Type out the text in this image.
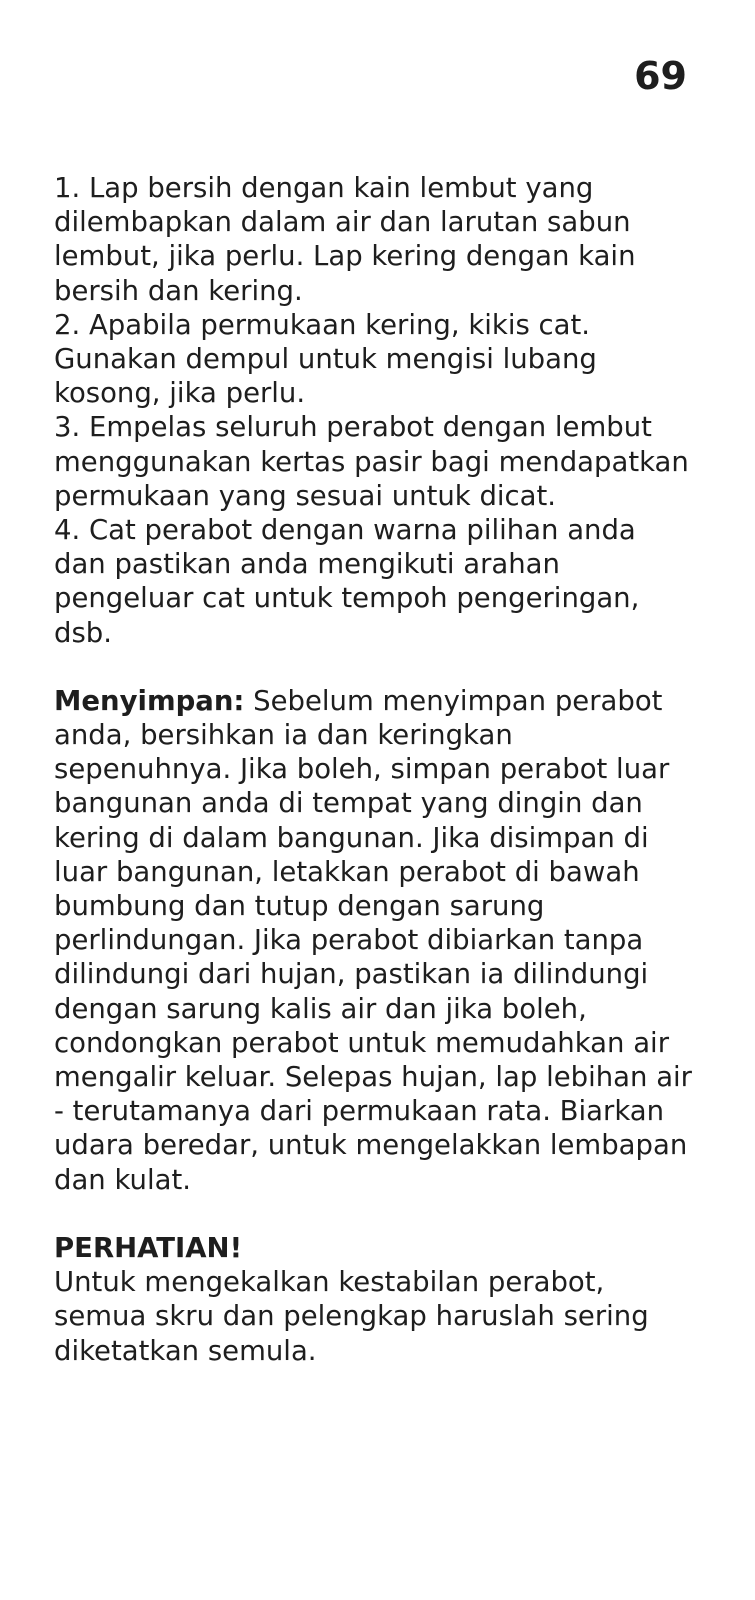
69

1. Lap bersih dengan kain lembut yang dilembapkan dalam air dan larutan sabun lembut, jika perlu. Lap kering dengan kain bersih dan kering.

2. Apabila permukaan kering, kikis cat. Gunakan dempul untuk mengisi lubang kosong, jika perlu.

3. Empelas seluruh perabot dengan lembut menggunakan kertas pasir bagi mendapatkan permukaan yang sesuai untuk dicat.

4. Cat perabot dengan warna pilihan anda dan pastikan anda mengikuti arahan pengeluar cat untuk tempoh pengeringan, dsb.

Menyimpan: Sebelum menyimpan perabot anda, bersihkan ia dan keringkan sepenuhnya. Jika boleh, simpan perabot luar bangunan anda di tempat yang dingin dan kering di dalam bangunan. Jika disimpan di luar bangunan, letakkan perabot di bawah bumbung dan tutup dengan sarung perlindungan. Jika perabot dibiarkan tanpa dilindungi dari hujan, pastikan ia dilindungi dengan sarung kalis air dan jika boleh, condongkan perabot untuk memudahkan air mengalir keluar. Selepas hujan, lap lebihan air - terutamanya dari permukaan rata. Biarkan udara beredar, untuk mengelakkan lembapan dan kulat.

PERHATIAN!

Untuk mengekalkan kestabilan perabot, semua skru dan pelengkap haruslah sering diketatkan semula.
